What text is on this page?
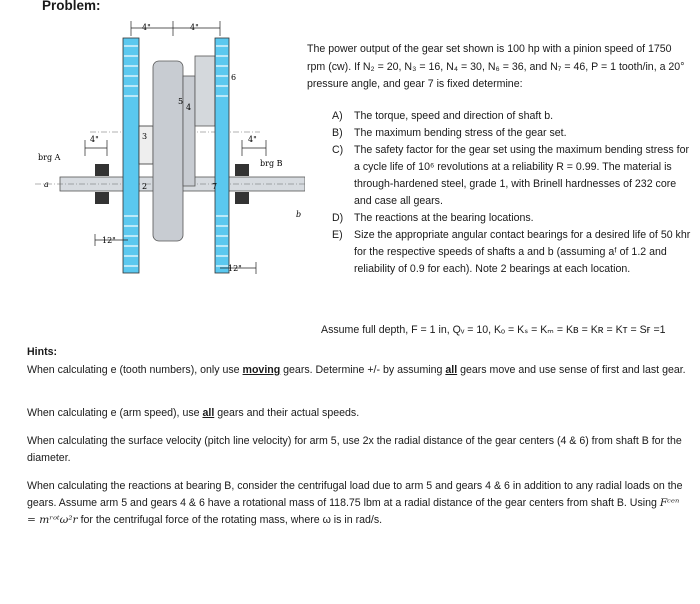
Problem:
4"	4"
4"	4"
12"
12"
brg A
brg B
a
b
2
3
4
5
6
7
The power output of the gear set shown is 100 hp with a pinion speed of 1750 rpm (cw). If N₂ = 20, N₃ = 16, N₄ = 30, N₆ = 36, and N₇ = 46, P = 1 tooth/in, a 20° pressure angle, and gear 7 is fixed determine:
A)	The torque, speed and direction of shaft b.
B)	The maximum bending stress of the gear set.
C)	The safety factor for the gear set using the maximum bending stress for a cycle life of 10⁶ revolutions at a reliability R = 0.99. The material is through-hardened steel, grade 1, with Brinell hardnesses of 232 core and case all gears.
D)	The reactions at the bearing locations.
E)	Size the appropriate angular contact bearings for a desired life of 50 khr for the respective speeds of shafts a and b (assuming aᶠ of 1.2 and reliability of 0.9 for each). Note 2 bearings at each location.
Assume full depth, F = 1 in, Qᵥ = 10, Kₒ = Kₛ = Kₘ = Kʙ = Kʀ = Kᴛ = Sғ =1
Hints:
When calculating e (tooth numbers), only use moving gears. Determine +/- by assuming all gears move and use sense of first and last gear.
When calculating e (arm speed), use all gears and their actual speeds.
When calculating the surface velocity (pitch line velocity) for arm 5, use 2x the radial distance of the gear centers (4 & 6) from shaft B for the diameter.
When calculating the reactions at bearing B, consider the centrifugal load due to arm 5 and gears 4 & 6 in addition to any radial loads on the gears. Assume arm 5 and gears 4 & 6 have a rotational mass of 118.75 lbm at a radial distance of the gear centers from shaft B. Using Fᶜᵉⁿ = mʳᵒᵗω²r for the centrifugal force of the rotating mass, where ω is in rad/s.
